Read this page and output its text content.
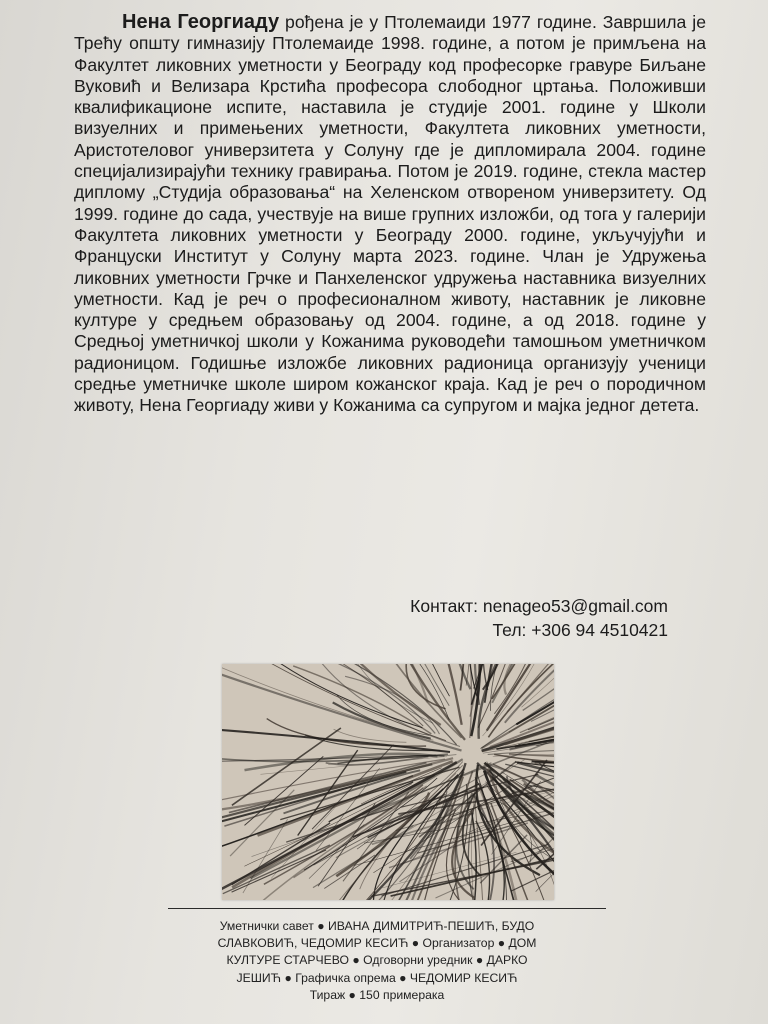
Нена Георгиаду рођена је у Птолемаиди 1977 године. Завршила је Трећу општу гимназију Птолемаиде 1998. године, а потом је примљена на Факултет ликовних уметности у Београду код професорке гравуре Биљане Вуковић и Велизара Крстића професора слободног цртања. Положивши квалификационе испите, наставила је студије 2001. године у Школи визуелних и примењених уметности, Факултета ликовних уметности, Аристотеловог универзитета у Солуну где је дипломирала 2004. године специјализирајући технику гравирања. Потом је 2019. године, стекла мастер диплому „Студија образовања“ на Хеленском отвореном универзитету. Од 1999. године до сада, учествује на више групних изложби, од тога у галерији Факултета ликовних уметности у Београду 2000. године, укључујући и Француски Институт у Солуну марта 2023. године. Члан је Удружења ликовних уметности Грчке и Панхеленског удружења наставника визуелних уметности. Кад је реч о професионалном животу, наставник је ликовне културе у средњем образовању од 2004. године, а од 2018. године у Средњој уметничкој школи у Кожанима руководећи тамошњом уметничком радионицом. Годишње изложбе ликовних радионица организују ученици средње уметничке школе широм кожанског краја. Кад је реч о породичном животу, Нена Георгиаду живи у Кожанима са супругом и мајка једног детета.

Контакт: nenageo53@gmail.com
Тел: +306 94 4510421
Уметнички савет ● ИВАНА ДИМИТРИЋ-ПЕШИЋ, БУДО
СЛАВКОВИЋ, ЧЕДОМИР КЕСИЋ ● Организатор ● ДОМ
КУЛТУРЕ СТАРЧЕВО ● Одговорни уредник ● ДАРКО
ЈЕШИЋ ● Графичка опрема ● ЧЕДОМИР КЕСИЋ
Тираж ● 150 примерака
